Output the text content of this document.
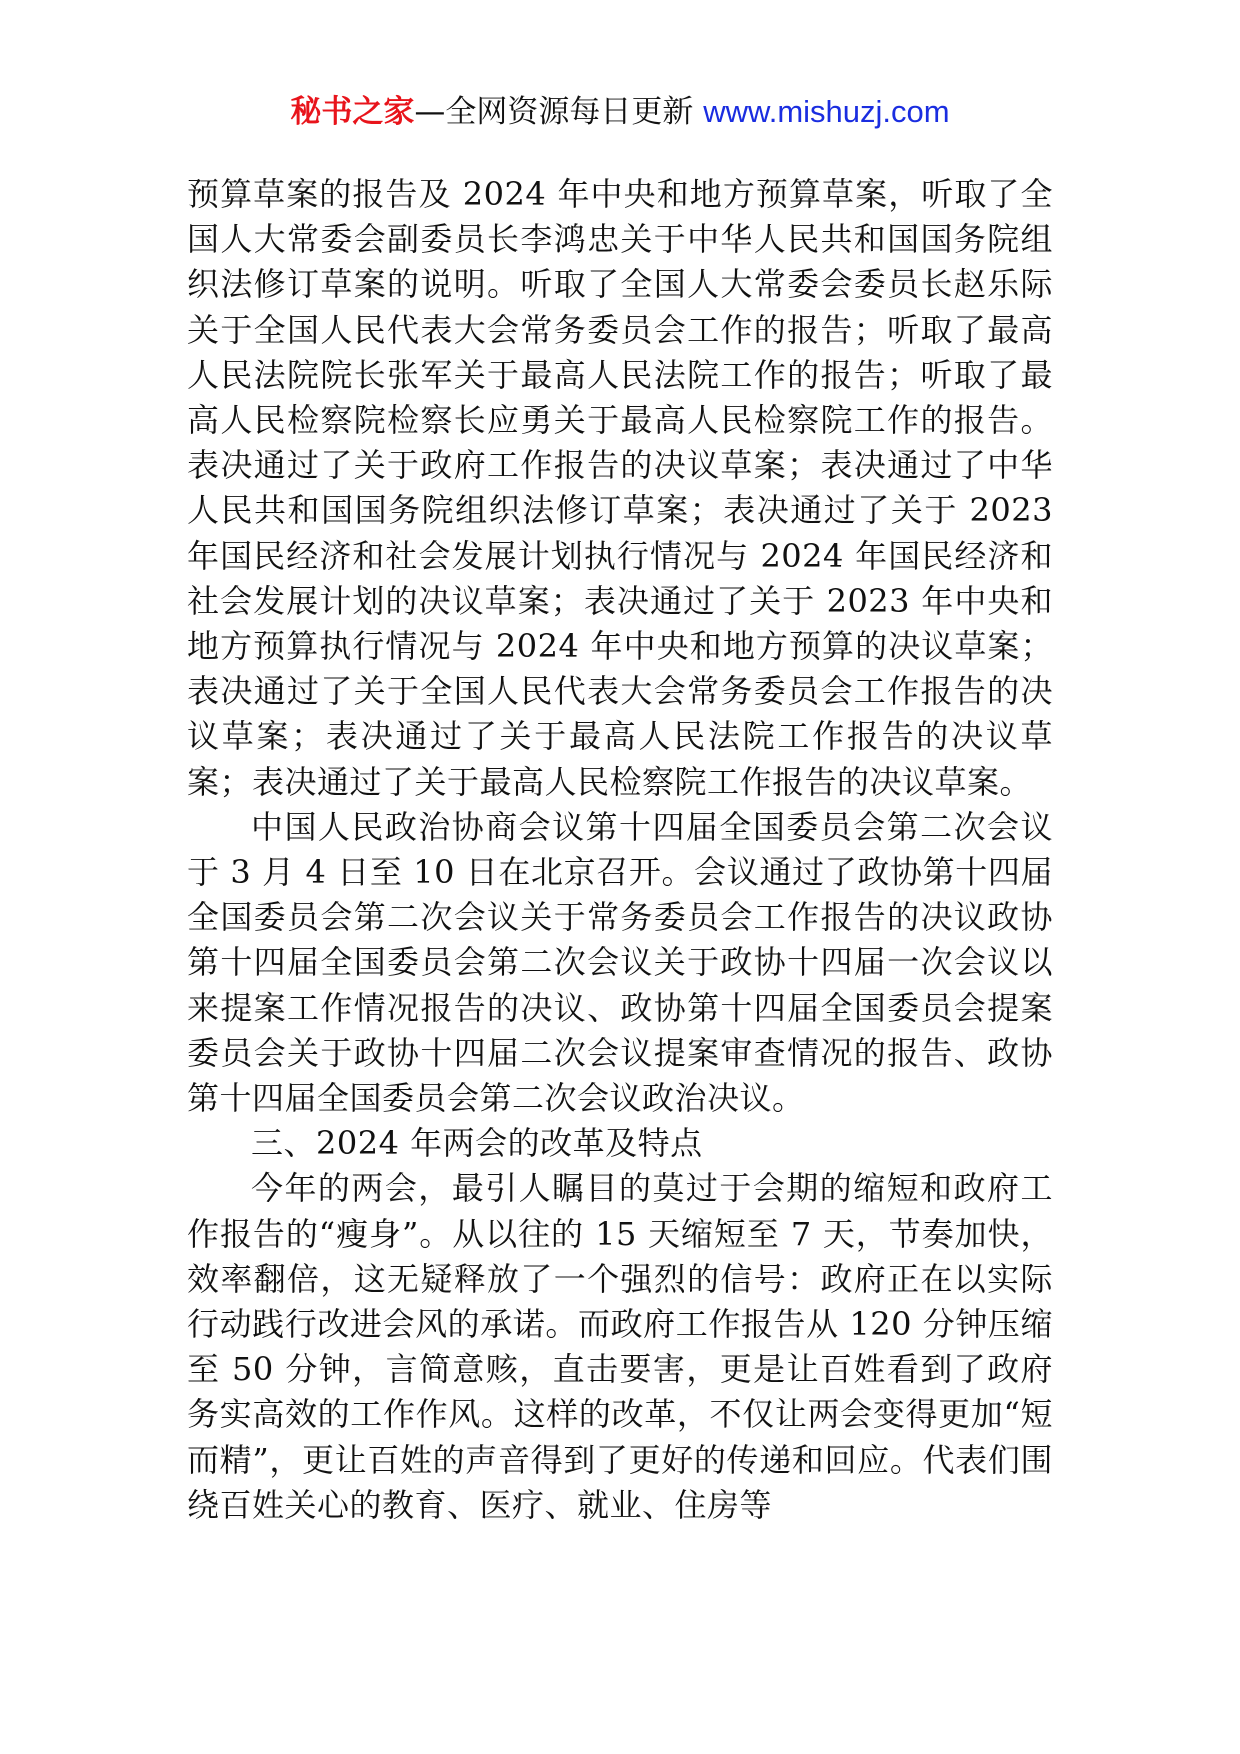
秘书之家—全网资源每日更新 www.mishuzj.com

预算草案的报告及 2024 年中央和地方预算草案，听取了全国人大常委会副委员长李鸿忠关于中华人民共和国国务院组织法修订草案的说明。听取了全国人大常委会委员长赵乐际关于全国人民代表大会常务委员会工作的报告；听取了最高人民法院院长张军关于最高人民法院工作的报告；听取了最高人民检察院检察长应勇关于最高人民检察院工作的报告。表决通过了关于政府工作报告的决议草案；表决通过了中华人民共和国国务院组织法修订草案；表决通过了关于 2023 年国民经济和社会发展计划执行情况与 2024 年国民经济和社会发展计划的决议草案；表决通过了关于 2023 年中央和地方预算执行情况与 2024 年中央和地方预算的决议草案；表决通过了关于全国人民代表大会常务委员会工作报告的决议草案；表决通过了关于最高人民法院工作报告的决议草案；表决通过了关于最高人民检察院工作报告的决议草案。

中国人民政治协商会议第十四届全国委员会第二次会议于 3 月 4 日至 10 日在北京召开。会议通过了政协第十四届全国委员会第二次会议关于常务委员会工作报告的决议政协第十四届全国委员会第二次会议关于政协十四届一次会议以来提案工作情况报告的决议、政协第十四届全国委员会提案委员会关于政协十四届二次会议提案审查情况的报告、政协第十四届全国委员会第二次会议政治决议。

三、2024 年两会的改革及特点

今年的两会，最引人瞩目的莫过于会期的缩短和政府工作报告的“瘦身”。从以往的 15 天缩短至 7 天，节奏加快，效率翻倍，这无疑释放了一个强烈的信号：政府正在以实际行动践行改进会风的承诺。而政府工作报告从 120 分钟压缩至 50 分钟，言简意赅，直击要害，更是让百姓看到了政府务实高效的工作作风。这样的改革，不仅让两会变得更加“短而精”，更让百姓的声音得到了更好的传递和回应。代表们围绕百姓关心的教育、医疗、就业、住房等
